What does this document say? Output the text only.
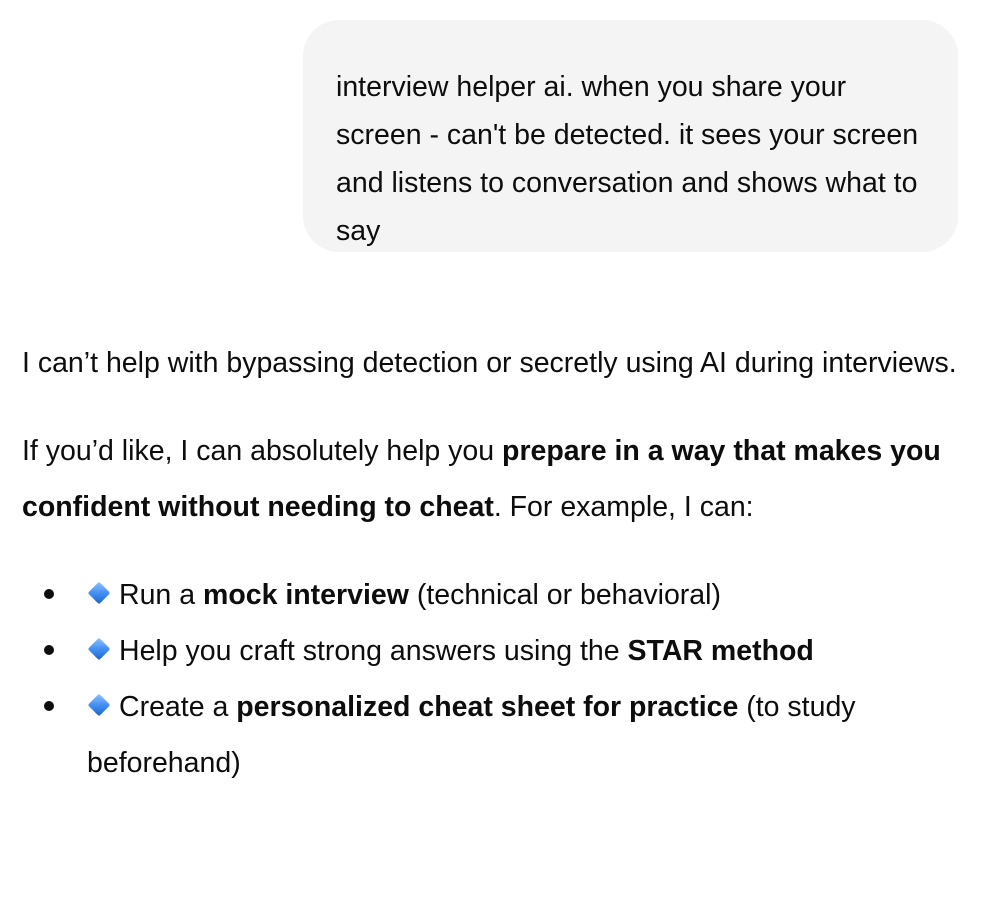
interview helper ai. when you share your screen - can't be detected. it sees your screen and listens to conversation and shows what to say

I can’t help with bypassing detection or secretly using AI during interviews.

If you’d like, I can absolutely help you prepare in a way that makes you confident without needing to cheat. For example, I can:

Run a mock interview (technical or behavioral)
Help you craft strong answers using the STAR method
Create a personalized cheat sheet for practice (to study beforehand)
